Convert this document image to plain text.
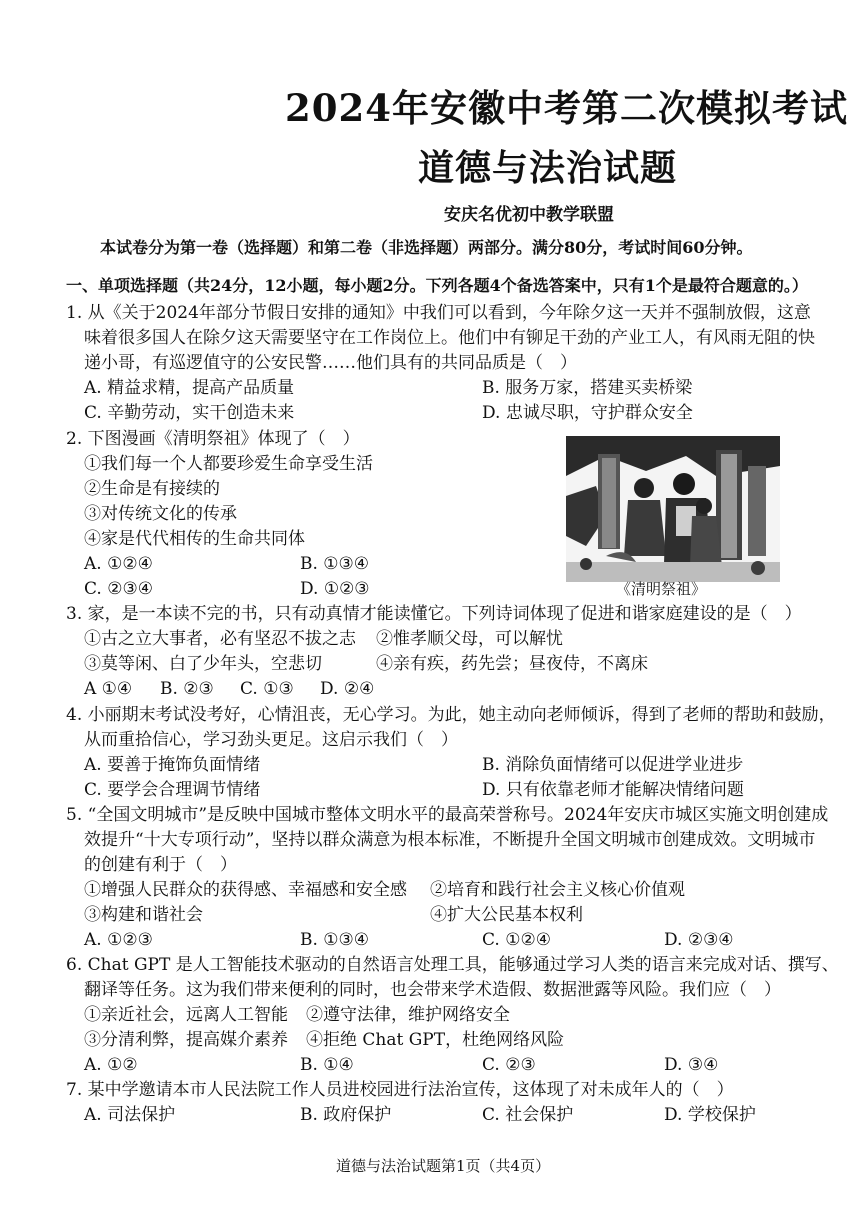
2024年安徽中考第二次模拟考试
道德与法治试题
安庆名优初中教学联盟
本试卷分为第一卷（选择题）和第二卷（非选择题）两部分。满分80分，考试时间60分钟。
一、单项选择题（共24分，12小题，每小题2分。下列各题4个备选答案中，只有1个是最符合题意的。）
1. 从《关于2024年部分节假日安排的通知》中我们可以看到，今年除夕这一天并不强制放假，这意
味着很多国人在除夕这天需要坚守在工作岗位上。他们中有铆足干劲的产业工人，有风雨无阻的快
递小哥，有巡逻值守的公安民警……他们具有的共同品质是（　）
A. 精益求精，提高产品质量	B. 服务万家，搭建买卖桥梁
C. 辛勤劳动，实干创造未来	D. 忠诚尽职，守护群众安全
2. 下图漫画《清明祭祖》体现了（　）
①我们每一个人都要珍爱生命享受生活
②生命是有接续的
③对传统文化的传承
④家是代代相传的生命共同体
A. ①②④	B. ①③④
C. ②③④	D. ①②③	《清明祭祖》
3. 家，是一本读不完的书，只有动真情才能读懂它。下列诗词体现了促进和谐家庭建设的是（　）
①古之立大事者，必有坚忍不拔之志 ②惟孝顺父母，可以解忧
③莫等闲、白了少年头，空悲切	④亲有疾，药先尝；昼夜侍，不离床
A ①④ B. ②③ C. ①③ D. ②④
4. 小丽期末考试没考好，心情沮丧，无心学习。为此，她主动向老师倾诉，得到了老师的帮助和鼓励，
从而重拾信心，学习劲头更足。这启示我们（　）
A. 要善于掩饰负面情绪	B. 消除负面情绪可以促进学业进步
C. 要学会合理调节情绪	D. 只有依靠老师才能解决情绪问题
5. “全国文明城市”是反映中国城市整体文明水平的最高荣誉称号。2024年安庆市城区实施文明创建成
效提升“十大专项行动”，坚持以群众满意为根本标准，不断提升全国文明城市创建成效。文明城市
的创建有利于（　）
①增强人民群众的获得感、幸福感和安全感 ②培育和践行社会主义核心价值观
③构建和谐社会	④扩大公民基本权利
A. ①②③	B. ①③④	C. ①②④	D. ②③④
6. Chat GPT 是人工智能技术驱动的自然语言处理工具，能够通过学习人类的语言来完成对话、撰写、
翻译等任务。这为我们带来便利的同时，也会带来学术造假、数据泄露等风险。我们应（　）
①亲近社会，远离人工智能 ②遵守法律，维护网络安全
③分清利弊，提高媒介素养 ④拒绝 Chat GPT，杜绝网络风险
A. ①②	B. ①④	C. ②③	D. ③④
7. 某中学邀请本市人民法院工作人员进校园进行法治宣传，这体现了对未成年人的（　）
A. 司法保护	B. 政府保护	C. 社会保护	D. 学校保护
道德与法治试题第1页（共4页）
